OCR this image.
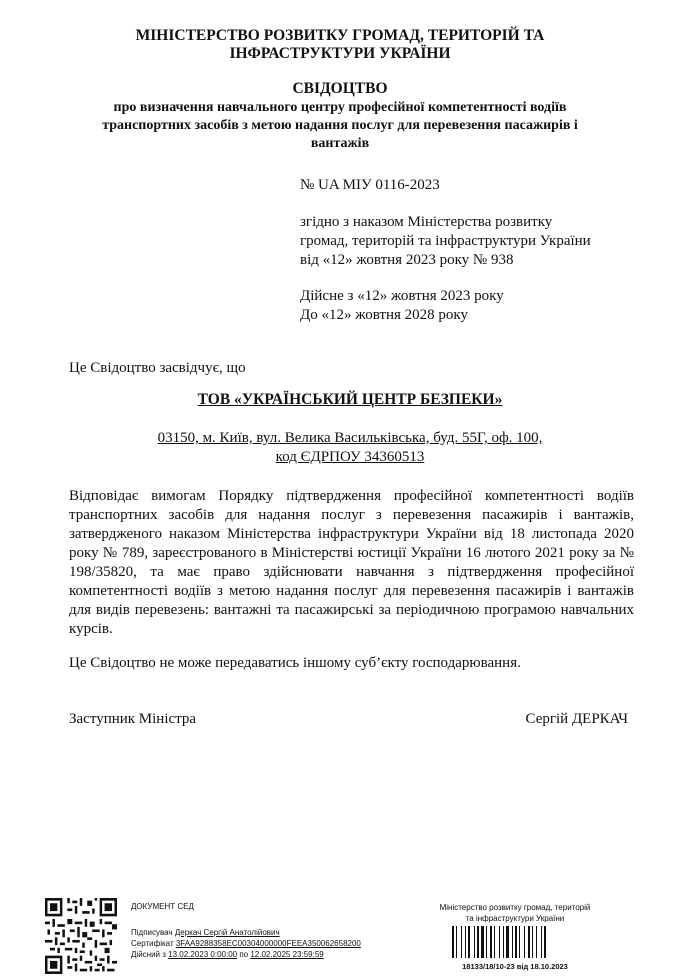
МІНІСТЕРСТВО РОЗВИТКУ ГРОМАД, ТЕРИТОРІЙ ТА
ІНФРАСТРУКТУРИ УКРАЇНИ
СВІДОЦТВО
про визначення навчального центру професійної компетентності водіїв
транспортних засобів з метою надання послуг для перевезення пасажирів і
вантажів
№ UA МІУ 0116-2023
згідно з наказом Міністерства розвитку
громад, територій та інфраструктури України
від «12» жовтня 2023 року № 938
Дійсне з «12» жовтня 2023 року
До «12» жовтня 2028 року
Це Свідоцтво засвідчує, що
ТОВ «УКРАЇНСЬКИЙ ЦЕНТР БЕЗПЕКИ»
03150, м. Київ, вул. Велика Васильківська, буд. 55Г, оф. 100,
код ЄДРПОУ 34360513
Відповідає вимогам Порядку підтвердження професійної компетентності водіїв транспортних засобів для надання послуг з перевезення пасажирів і вантажів, затвердженого наказом Міністерства інфраструктури України від 18 листопада 2020 року № 789, зареєстрованого в Міністерстві юстиції України 16 лютого 2021 року за № 198/35820, та має право здійснювати навчання з підтвердження професійної компетентності водіїв з метою надання послуг для перевезення пасажирів і вантажів для видів перевезень: вантажні та пасажирські за періодичною програмою навчальних курсів.
Це Свідоцтво не може передаватись іншому суб’єкту господарювання.
Заступник Міністра	Сергій ДЕРКАЧ
ДОКУМЕНТ СЕД
Підписувач Деркач Сергій Анатолійович
Сертифікат 3FAA9288358EC00304000000FEEA350062658200
Дійсний з 13.02.2023 0:00:00 по 12.02.2025 23:59:59
Міністерство розвитку громад, територій
та інфраструктури України
18133/18/10-23 від 18.10.2023
